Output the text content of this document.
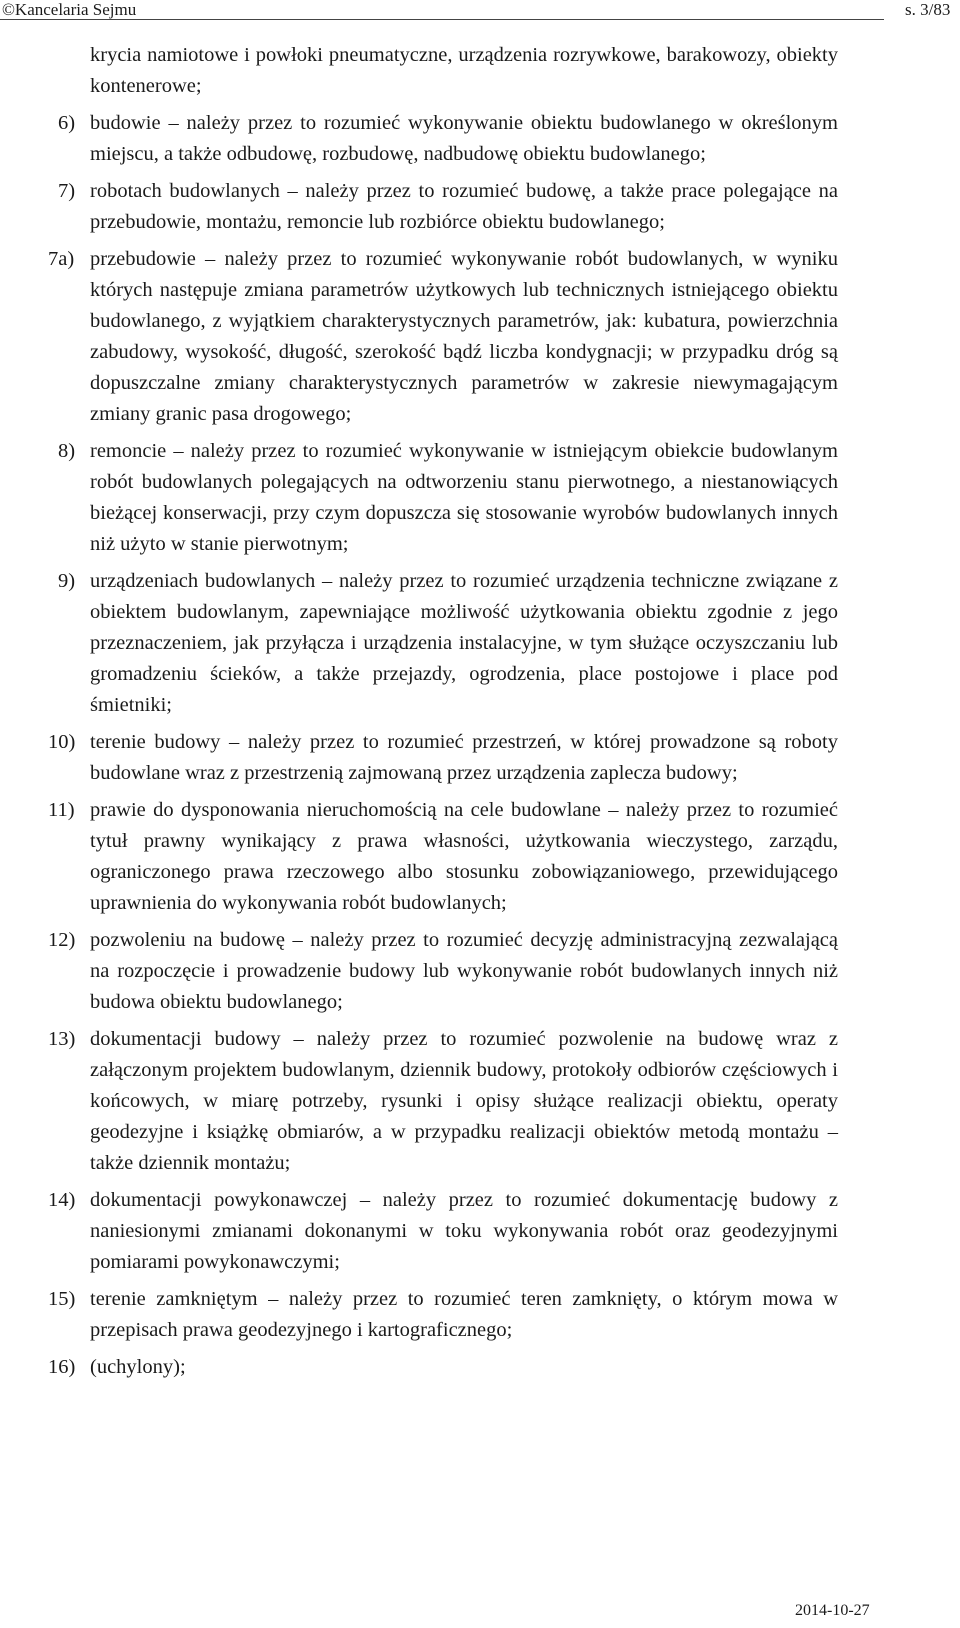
©Kancelaria Sejmu	s. 3/83
krycia namiotowe i powłoki pneumatyczne, urządzenia rozrywkowe, barakowozy, obiekty kontenerowe;
6) budowie – należy przez to rozumieć wykonywanie obiektu budowlanego w określonym miejscu, a także odbudowę, rozbudowę, nadbudowę obiektu budowlanego;
7) robotach budowlanych – należy przez to rozumieć budowę, a także prace polegające na przebudowie, montażu, remoncie lub rozbiórce obiektu budowlanego;
7a) przebudowie – należy przez to rozumieć wykonywanie robót budowlanych, w wyniku których następuje zmiana parametrów użytkowych lub technicznych istniejącego obiektu budowlanego, z wyjątkiem charakterystycznych parametrów, jak: kubatura, powierzchnia zabudowy, wysokość, długość, szerokość bądź liczba kondygnacji; w przypadku dróg są dopuszczalne zmiany charakterystycznych parametrów w zakresie niewymagającym zmiany granic pasa drogowego;
8) remoncie – należy przez to rozumieć wykonywanie w istniejącym obiekcie budowlanym robót budowlanych polegających na odtworzeniu stanu pierwotnego, a niestanowiących bieżącej konserwacji, przy czym dopuszcza się stosowanie wyrobów budowlanych innych niż użyto w stanie pierwotnym;
9) urządzeniach budowlanych – należy przez to rozumieć urządzenia techniczne związane z obiektem budowlanym, zapewniające możliwość użytkowania obiektu zgodnie z jego przeznaczeniem, jak przyłącza i urządzenia instalacyjne, w tym służące oczyszczaniu lub gromadzeniu ścieków, a także przejazdy, ogrodzenia, place postojowe i place pod śmietniki;
10) terenie budowy – należy przez to rozumieć przestrzeń, w której prowadzone są roboty budowlane wraz z przestrzenią zajmowaną przez urządzenia zaplecza budowy;
11) prawie do dysponowania nieruchomością na cele budowlane – należy przez to rozumieć tytuł prawny wynikający z prawa własności, użytkowania wieczystego, zarządu, ograniczonego prawa rzeczowego albo stosunku zobowiązaniowego, przewidującego uprawnienia do wykonywania robót budowlanych;
12) pozwoleniu na budowę – należy przez to rozumieć decyzję administracyjną zezwalającą na rozpoczęcie i prowadzenie budowy lub wykonywanie robót budowlanych innych niż budowa obiektu budowlanego;
13) dokumentacji budowy – należy przez to rozumieć pozwolenie na budowę wraz z załączonym projektem budowlanym, dziennik budowy, protokoły odbiorów częściowych i końcowych, w miarę potrzeby, rysunki i opisy służące realizacji obiektu, operaty geodezyjne i książkę obmiarów, a w przypadku realizacji obiektów metodą montażu – także dziennik montażu;
14) dokumentacji powykonawczej – należy przez to rozumieć dokumentację budowy z naniesionymi zmianami dokonanymi w toku wykonywania robót oraz geodezyjnymi pomiarami powykonawczymi;
15) terenie zamkniętym – należy przez to rozumieć teren zamknięty, o którym mowa w przepisach prawa geodezyjnego i kartograficznego;
16) (uchylony);
2014-10-27
